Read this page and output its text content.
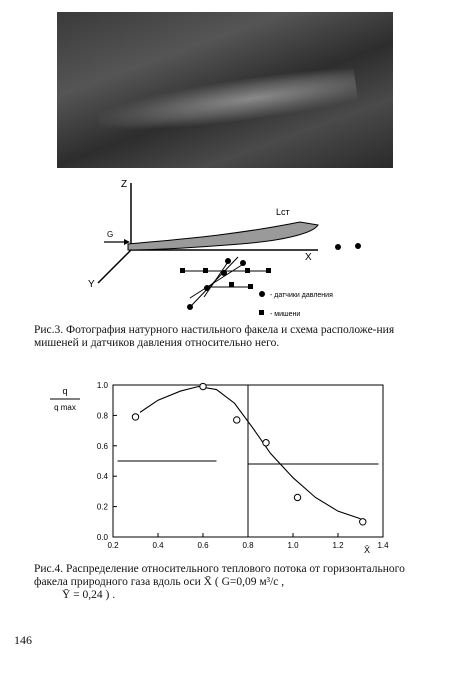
Z
X
Y
G
Lст
- датчики давления
- мишени
Рис.3. Фотография натурного настильного факела и схема расположе-ния мишеней и датчиков давления относительно него.
q
q max
X̄
0.2	0.4	0.6	0.8	1.0	1.2	1.4
0.0
0.2
0.4
0.6
0.8
1.0
Рис.4. Распределение относительного теплового потока от горизонтального факела природного газа вдоль оси X̄ ( G=0,09 м³/с ,
Ȳ = 0,24 ) .
146
